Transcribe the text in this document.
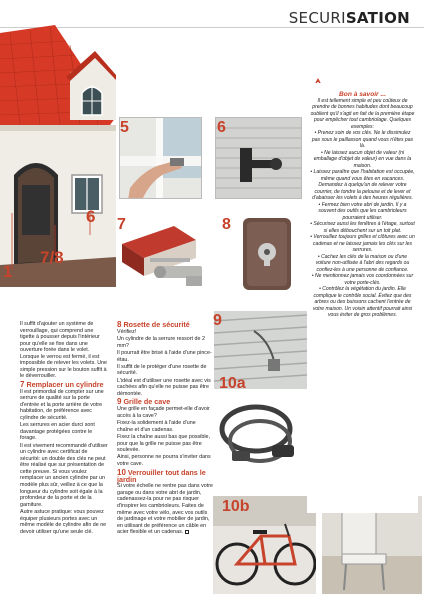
SECURISATION
1
6
7/8
5	6
7	8
9
10a
10b
Bon à savoir ...

Il est tellement simple et peu coûteux de prendre de bonnes habitudes dont beaucoup oublient qu'il s'agit en fait de la première étape pour empêcher tout cambriolage. Quelques exemples:

• Prenez soin de vos clés. Ne le dissimulez pas sous le paillasson quand vous n'êtes pas là.

• Ne laissez aucun objet de valeur (ni emballage d'objet de valeur) en vue dans la maison.

• Laissez paraître que l'habitation est occupée, même quand vous êtes en vacances. Demandez à quelqu'un de relever votre courrier, de tondre la pelouse et de lever et d'abaisser les volets à des heures régulières.

• Fermez bien votre abri de jardin. Il y a souvent des outils que les cambrioleurs pourraient utiliser.

• Sécurisez aussi les fenêtres à l'étage, surtout si elles débouchent sur un toit plat.

• Verrouillez toujours grilles et clôtures avec un cadenas et ne laissez jamais les clés sur les serrures.

• Cachez les clés de la maison ou d'une voiture non-utilisée à l'abri des regards ou confiez-les à une personne de confiance.

• Ne mentionnez jamais vos coordonnées sur votre porte-clés.

• Contrôlez la végétation du jardin. Elle complique le contrôle social. Évitez que des arbres ou des buissons cachent l'entrée de votre maison. Un voisin attentif pourrait ainsi vous éviter de gros problèmes.

Il suffit d'ajouter un système de verrouillage, qui comprend une tigette à pousser depuis l'intérieur pour qu'elle se fixe dans une ouverture forée dans le volet. Lorsque le verrou est fermé, il est impossible de relever les volets. Une simple pression sur le bouton suffit à le déverrouiller.

7 Remplacer un cylindre

Il est primordial de compter sur une serrure de qualité sur la porte d'entrée et la porte arrière de votre habitation, de préférence avec cylindre de sécurité.

Les serrures en acier durci sont davantage protégées contre le forage.

Il est vivement recommandé d'utiliser un cylindre avec certificat de sécurité: un double des clés ne peut être réalisé que sur présentation de cette preuve. Si vous voulez remplacer un ancien cylindre par un modèle plus sûr, veillez à ce que la longueur du cylindre soit égale à la profondeur de la porte et de la garniture.

Autre astuce pratique: vous pouvez équiper plusieurs portes avec un même modèle de cylindre afin de ne devoir utiliser qu'une seule clé.

8 Rosette de sécurité

Vérifiez!

Un cylindre de la serrure ressort de 2 mm?

Il pourrait être brisé à l'aide d'une pince-étau.

Il suffit de le protéger d'une rosette de sécurité.

L'idéal est d'utiliser une rosette avec vis cachées afin qu'elle ne puisse pas être démontée.

9 Grille de cave

Une grille en façade permet-elle d'avoir accès à la cave?

Fixez-la solidement à l'aide d'une chaîne et d'un cadenas.

Fixez la chaîne aussi bas que possible, pour que la grille ne puisse pas être soulevée.

Ainsi, personne ne pourra s'inviter dans votre cave.

10 Verrouiller tout dans le jardin

Si votre échelle ne rentre pas dans votre garage ou dans votre abri de jardin, cadenassez-la pour ne pas risquer d'inspirer les cambrioleurs. Faites de même avec votre vélo, avec vos outils de jardinage et votre mobilier de jardin, en utilisant de préférence un câble en acier flexible et un cadenas.
